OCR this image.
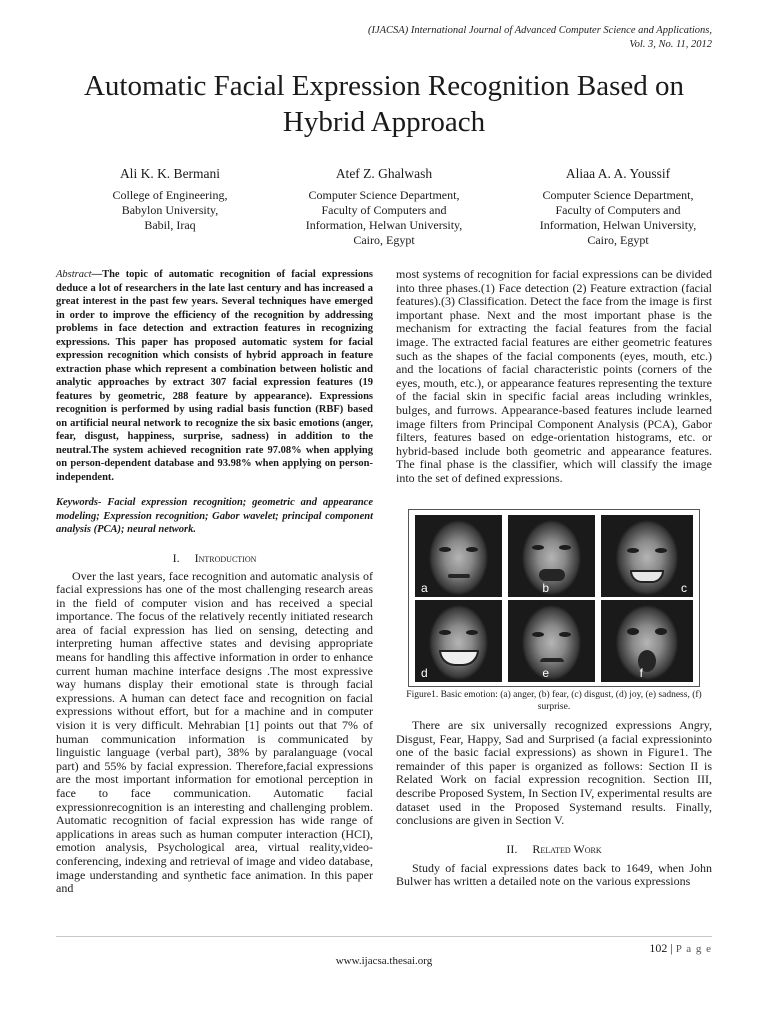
(IJACSA) International Journal of Advanced Computer Science and Applications,
Vol. 3, No. 11, 2012
Automatic Facial Expression Recognition Based on
Hybrid Approach
Ali K. K. Bermani
College of Engineering,
Babylon University,
Babil, Iraq
Atef Z. Ghalwash
Computer Science Department,
Faculty of Computers and
Information, Helwan University,
Cairo, Egypt
Aliaa A. A. Youssif
Computer Science Department,
Faculty of Computers and
Information, Helwan University,
Cairo, Egypt
Abstract—The topic of automatic recognition of facial expressions deduce a lot of researchers in the late last century and has increased a great interest in the past few years. Several techniques have emerged in order to improve the efficiency of the recognition by addressing problems in face detection and extraction features in recognizing expressions. This paper has proposed automatic system for facial expression recognition which consists of hybrid approach in feature extraction phase which represent a combination between holistic and analytic approaches by extract 307 facial expression features (19 features by geometric, 288 feature by appearance). Expressions recognition is performed by using radial basis function (RBF) based on artificial neural network to recognize the six basic emotions (anger, fear, disgust, happiness, surprise, sadness) in addition to the neutral.The system achieved recognition rate 97.08% when applying on person-dependent database and 93.98% when applying on person-independent.
Keywords- Facial expression recognition; geometric and appearance modeling; Expression recognition; Gabor wavelet; principal component analysis (PCA); neural network.
I. Introduction

Over the last years, face recognition and automatic analysis of facial expressions has one of the most challenging research areas in the field of computer vision and has received a special importance. The focus of the relatively recently initiated research area of facial expression has lied on sensing, detecting and interpreting human affective states and devising appropriate means for handling this affective information in order to enhance current human machine interface designs .The most expressive way humans display their emotional state is through facial expressions. A human can detect face and recognition on facial expressions without effort, but for a machine and in computer vision it is very difficult. Mehrabian [1] points out that 7% of human communication information is communicated by linguistic language (verbal part), 38% by paralanguage (vocal part) and 55% by facial expression. Therefore,facial expressions are the most important information for emotional perception in face to face communication. Automatic facial expressionrecognition is an interesting and challenging problem. Automatic recognition of facial expression has wide range of applications in areas such as human computer interaction (HCI), emotion analysis, Psychological area, virtual reality,video-conferencing, indexing and retrieval of image and video database, image understanding and synthetic face animation. In this paper and

most systems of recognition for facial expressions can be divided into three phases.(1) Face detection (2) Feature extraction (facial features).(3) Classification. Detect the face from the image is first important phase. Next and the most important phase is the mechanism for extracting the facial features from the facial image. The extracted facial features are either geometric features such as the shapes of the facial components (eyes, mouth, etc.) and the locations of facial characteristic points (corners of the eyes, mouth, etc.), or appearance features representing the texture of the facial skin in specific facial areas including wrinkles, bulges, and furrows. Appearance-based features include learned image filters from Principal Component Analysis (PCA), Gabor filters, features based on edge-orientation histograms, etc. or hybrid-based include both geometric and appearance features. The final phase is the classifier, which will classify the image into the set of defined expressions.

a	b	c
d	e	f
Figure1. Basic emotion: (a) anger, (b) fear, (c) disgust, (d) joy, (e) sadness, (f) surprise.

There are six universally recognized expressions Angry, Disgust, Fear, Happy, Sad and Surprised (a facial expressioninto one of the basic facial expressions) as shown in Figure1. The remainder of this paper is organized as follows: Section II is Related Work on facial expression recognition. Section III, describe Proposed System, In Section IV, experimental results are dataset used in the Proposed Systemand results. Finally, conclusions are given in Section V.

II. Related Work

Study of facial expressions dates back to 1649, when John Bulwer has written a detailed note on the various expressions

102 | P a g e
www.ijacsa.thesai.org
